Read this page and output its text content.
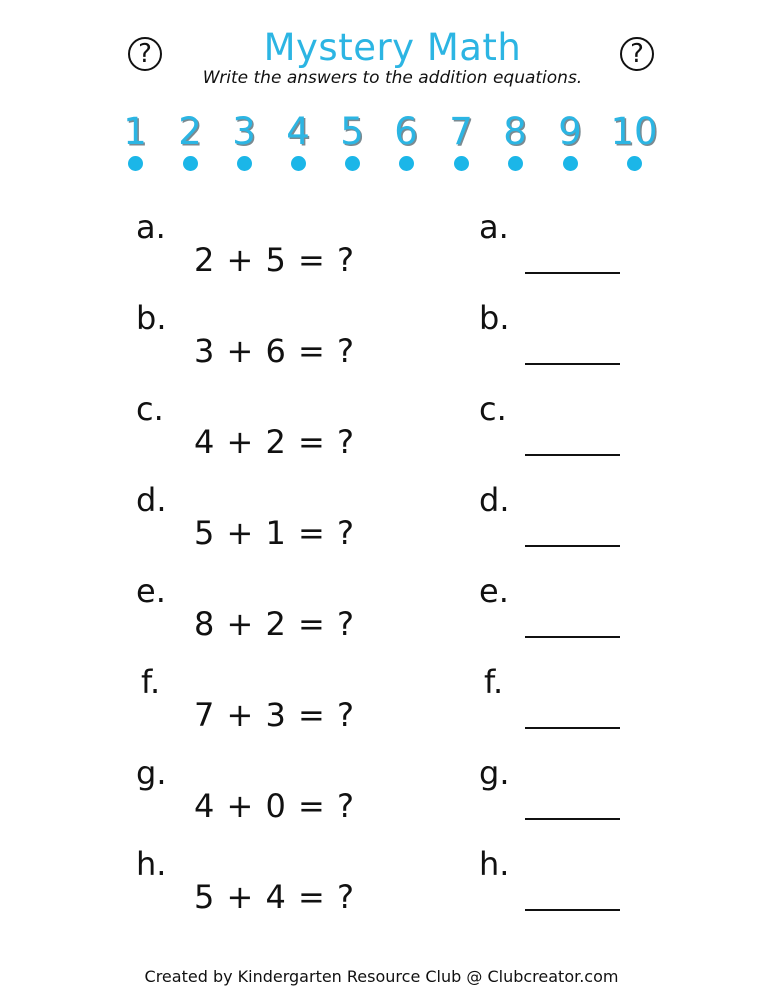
?	?
Mystery Math
Write the answers to the addition equations.
1 2 3 4 5 6 7 8 9 10
a.
2 + 5 = ?
a.
b.
3 + 6 = ?
b.
c.
4 + 2 = ?
c.
d.
5 + 1 = ?
d.
e.
8 + 2 = ?
e.
f.
7 + 3 = ?
f.
g.
4 + 0 = ?
g.
h.
5 + 4 = ?
h.
Created by Kindergarten Resource Club @ Clubcreator.com
